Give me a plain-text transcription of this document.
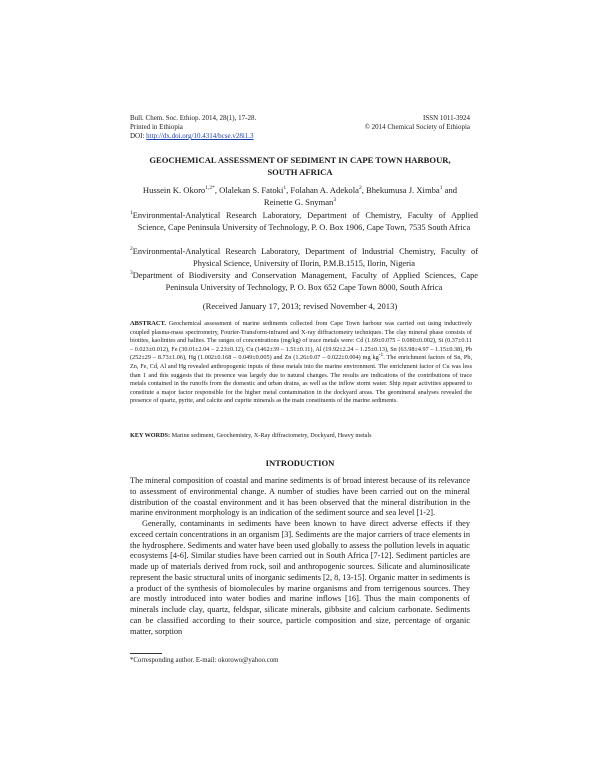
Bull. Chem. Soc. Ethiop. 2014, 28(1), 17-28.
Printed in Ethiopia
DOI: http://dx.doi.org/10.4314/bcse.v28i1.3
ISSN 1011-3924
© 2014 Chemical Society of Ethiopia
GEOCHEMICAL ASSESSMENT OF SEDIMENT IN CAPE TOWN HARBOUR,
SOUTH AFRICA
Hussein K. Okoro$^{1,2*}$, Olalekan S. Fatoki$^1$, Folahan A. Adekola$^2$, Bhekumusa J. Ximba$^1$ and
Reinette G. Snyman$^3$
$^1$Environmental-Analytical Research Laboratory, Department of Chemistry, Faculty of Applied Science, Cape Peninsula University of Technology, P. O. Box 1906, Cape Town, 7535 South Africa
$^2$Environmental-Analytical Research Laboratory, Department of Industrial Chemistry, Faculty of Physical Science, University of Ilorin, P.M.B.1515, Ilorin, Nigeria
$^3$Department of Biodiversity and Conservation Management, Faculty of Applied Sciences, Cape Peninsula University of Technology, P. O. Box 652 Cape Town 8000, South Africa
(Received January 17, 2013; revised November 4, 2013)
ABSTRACT. Geochemical assessment of marine sediments collected from Cape Town harbour was carried out using inductively coupled plasma-mass spectrometry, Fourier-Transform-infrared and X-ray diffractometry techniques. The clay mineral phase consists of biotites, kaolinites and halites. The ranges of concentrations (mg/kg) of trace metals were: Cd (1.69±0.075 – 0.080±0.002), Si (0.37±0.11 – 0.023±0.012), Fe (30.01±2.04 – 2.23±0.12), Cu (1462±39 – 1.51±0.11), Al (19.92±2.24 – 1.25±0.13), Sn (63.98±4.97 – 1.15±0.38), Pb (252±29 – 8.73±1.06), Hg (1.002±0.168 – 0.049±0.005) and Zn (1.26±0.07 – 0.022±0.004) mg $kg^{-1}$. The enrichment factors of Sn, Pb, Zn, Fe, Cd, Al and Hg revealed anthropogenic inputs of these metals into the marine environment. The enrichment factor of Cu was less than 1 and this suggests that its presence was largely due to natural changes. The results are indications of the contributions of trace metals contained in the runoffs from the domestic and urban drains, as well as the inflow storm water. Ship repair activities appeared to constitute a major factor responsible for the higher metal contamination in the dockyard areas. The geomineral analyses revealed the presence of quartz, pyrite, and calcite and cuprite minerals as the main constituents of the marine sediments.
KEY WORDS: Marine sediment, Geochemistry, X-Ray diffractometry, Dockyard, Heavy metals
INTRODUCTION

The mineral composition of coastal and marine sediments is of broad interest because of its relevance to assessment of environmental change. A number of studies have been carried out on the mineral distribution of the coastal environment and it has been observed that the mineral distribution in the marine environment morphology is an indication of the sediment source and sea level [1-2].

Generally, contaminants in sediments have been known to have direct adverse effects if they exceed certain concentrations in an organism [3]. Sediments are the major carriers of trace elements in the hydrosphere. Sediments and water have been used globally to assess the pollution levels in aquatic ecosystems [4-6]. Similar studies have been carried out in South Africa [7-12]. Sediment particles are made up of materials derived from rock, soil and anthropogenic sources. Silicate and aluminosilicate represent the basic structural units of inorganic sediments [2, 8, 13-15]. Organic matter in sediments is a product of the synthesis of biomolecules by marine organisms and from terrigenous sources. They are mostly introduced into water bodies and marine inflows [16]. Thus the main components of minerals include clay, quartz, feldspar, silicate minerals, gibbsite and calcium carbonate. Sediments can be classified according to their source, particle composition and size, percentage of organic matter, sorption

*Corresponding author. E-mail: okorowo@yahoo.com
